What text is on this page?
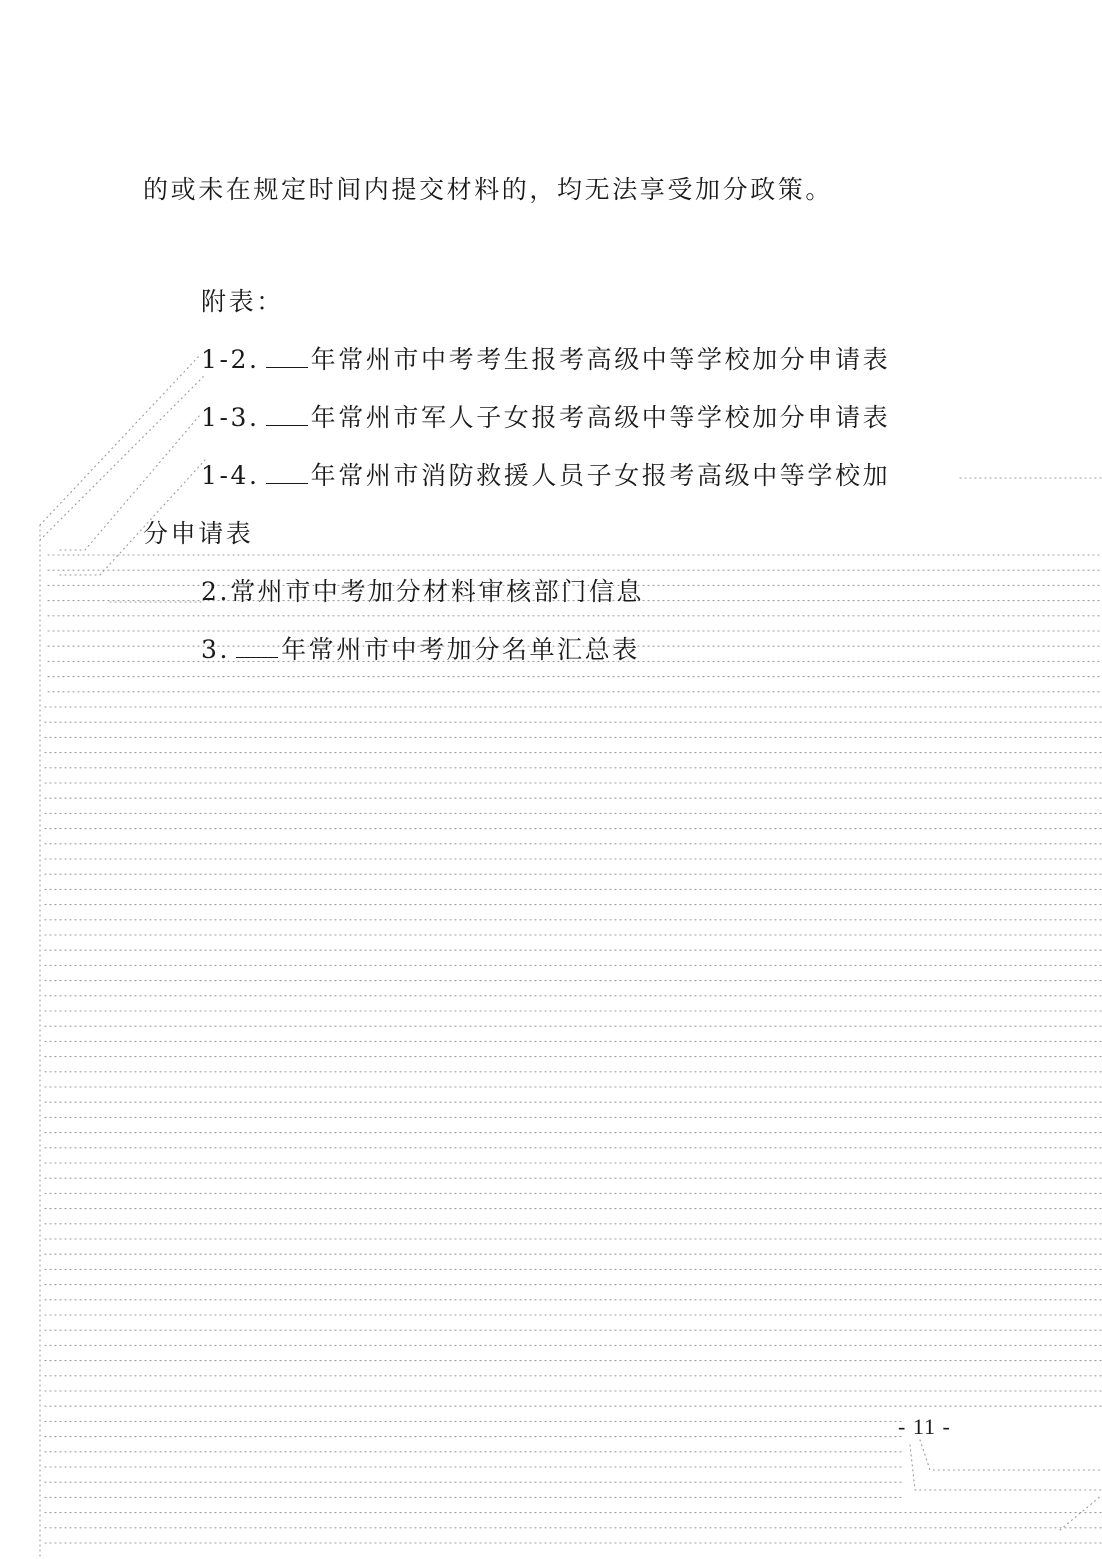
的或未在规定时间内提交材料的，均无法享受加分政策。
附表：
1-2. 年常州市中考考生报考高级中等学校加分申请表
1-3. 年常州市军人子女报考高级中等学校加分申请表
1-4. 年常州市消防救援人员子女报考高级中等学校加
分申请表
2.常州市中考加分材料审核部门信息
3. 年常州市中考加分名单汇总表
- 11 -
